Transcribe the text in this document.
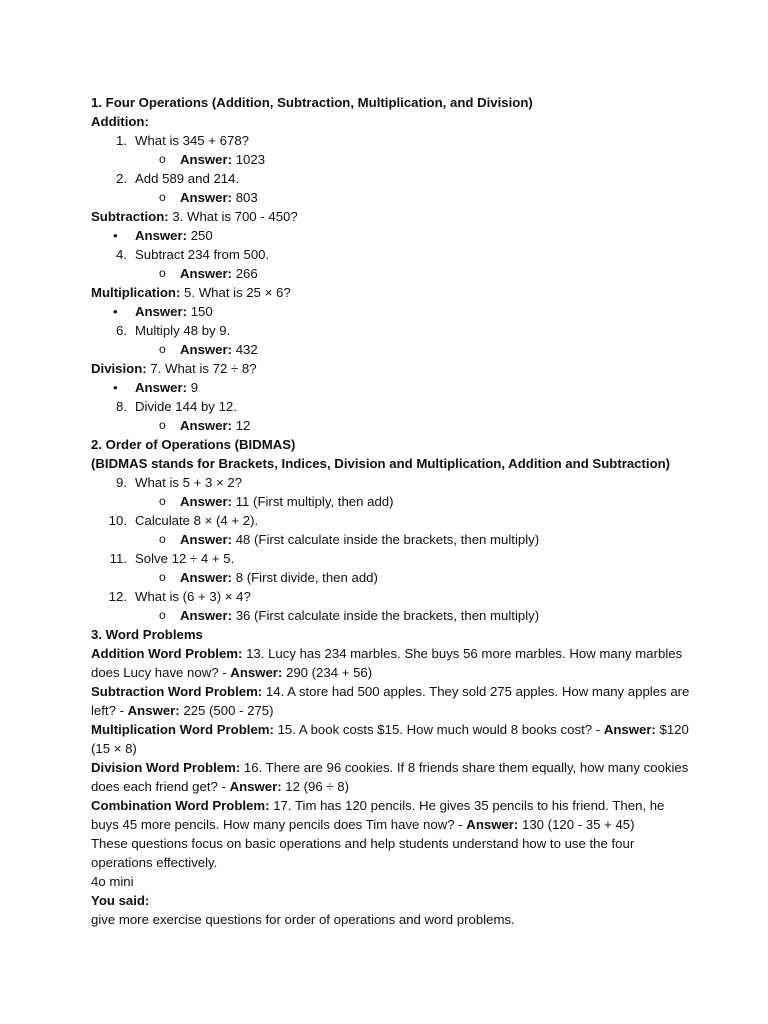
1. Four Operations (Addition, Subtraction, Multiplication, and Division)
Addition:
1. What is 345 + 678?
o Answer: 1023
2. Add 589 and 214.
o Answer: 803
Subtraction: 3. What is 700 - 450?
•	Answer: 250
4. Subtract 234 from 500.
o Answer: 266
Multiplication: 5. What is 25 × 6?
•	Answer: 150
6. Multiply 48 by 9.
o Answer: 432
Division: 7. What is 72 ÷ 8?
•	Answer: 9
8. Divide 144 by 12.
o Answer: 12
2. Order of Operations (BIDMAS)
(BIDMAS stands for Brackets, Indices, Division and Multiplication, Addition and Subtraction)
9. What is 5 + 3 × 2?
o Answer: 11 (First multiply, then add)
10. Calculate 8 × (4 + 2).
o Answer: 48 (First calculate inside the brackets, then multiply)
11. Solve 12 ÷ 4 + 5.
o Answer: 8 (First divide, then add)
12. What is (6 + 3) × 4?
o Answer: 36 (First calculate inside the brackets, then multiply)
3. Word Problems
Addition Word Problem: 13. Lucy has 234 marbles. She buys 56 more marbles. How many marbles does Lucy have now? - Answer: 290 (234 + 56)
Subtraction Word Problem: 14. A store had 500 apples. They sold 275 apples. How many apples are left? - Answer: 225 (500 - 275)
Multiplication Word Problem: 15. A book costs $15. How much would 8 books cost? - Answer: $120 (15 × 8)
Division Word Problem: 16. There are 96 cookies. If 8 friends share them equally, how many cookies does each friend get? - Answer: 12 (96 ÷ 8)
Combination Word Problem: 17. Tim has 120 pencils. He gives 35 pencils to his friend. Then, he buys 45 more pencils. How many pencils does Tim have now? - Answer: 130 (120 - 35 + 45)
These questions focus on basic operations and help students understand how to use the four operations effectively.
4o mini
You said:
give more exercise questions for order of operations and word problems.
